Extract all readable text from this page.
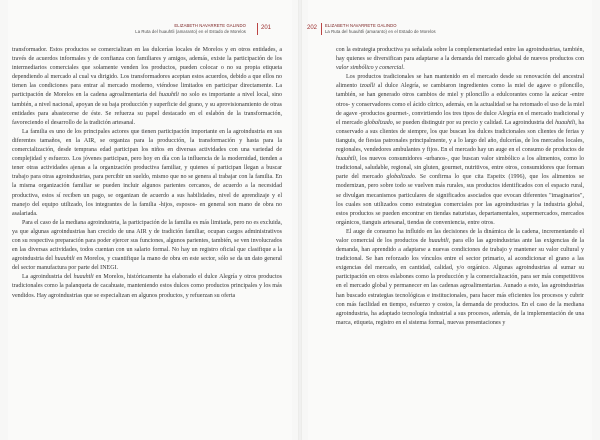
ELIZABETH NAVARRETE GALINDO
La Ruta del huauhtli (amaranto) en el Estado de Morelos
201

transformador. Estos productos se comercializan en las dulcerías locales de Morelos y en otros entidades, a través de acuerdos informales y de confianza con familiares y amigos, además, existe la participación de los intermediarios comerciales que solamente venden los productos, pueden colocar o no su propia etiqueta dependiendo al mercado al cual va dirigido. Los transformadores aceptan estos acuerdos, debido a que ellos no tienen las condiciones para entrar al mercado moderno, viéndose limitados en participar directamente. La participación de Morelos en la cadena agroalimentaria del huauhtli no solo es importante a nivel local, sino también, a nivel nacional, apoyan de su baja producción y superficie del grano, y su aprovisionamiento de otras entidades para abastecerse de éste. Se refuerza su papel destacado en el eslabón de la transformación, favoreciendo el desarrollo de la tradición artesanal.

La familia es uno de los principales actores que tienen participación importante en la agroindustria en sus diferentes tamaños, en la AIR, se organiza para la producción, la transformación y hasta para la comercialización, desde temprana edad participan los niños en diversas actividades con una variedad de complejidad y esfuerzo. Los jóvenes participan, pero hoy en día con la influencia de la modernidad, tienden a tener otras actividades ajenas a la organización productiva familiar, y quienes sí participan llegan a buscar trabajo para otras agroindustrias, para percibir un sueldo, mismo que no se genera al trabajar con la familia. En la misma organización familiar se pueden incluir algunos parientes cercanos, de acuerdo a la necesidad productiva, estos sí reciben un pago, se organizan de acuerdo a sus habilidades, nivel de aprendizaje y el manejo del equipo utilizado, los integrantes de la familia -hijos, esposos- en general son mano de obra no asalariada.

Para el caso de la mediana agroindustria, la participación de la familia es más limitada, pero no es excluida, ya que algunas agroindustrias han crecido de una AIR y de tradición familiar, ocupan cargos administrativos con su respectiva preparación para poder ejercer sus funciones, algunos parientes, también, se ven involucrados en las diversas actividades, todos cuentan con un salario formal. No hay un registro oficial que clasifique a la agroindustria del huauhtli en Morelos, y cuantifique la mano de obra en este sector, sólo se da un dato general del sector manufactura por parte del INEGI.

La agroindustria del huauhtli en Morelos, históricamente ha elaborado el dulce Alegría y otros productos tradicionales como la palanqueta de cacahuate, manteniendo estos dulces como productos principales y los más vendidos. Hay agroindustrias que se especializan en algunos productos, y refuerzan su oferta

202 ELIZABETH NAVARRETE GALINDO
La Ruta del huauhtli (amaranto) en el Estado de Morelos

con la estrategia productiva ya señalada sobre la complementariedad entre las agroindustrias, también, hay quienes se diversifican para adaptarse a la demanda del mercado global de nuevos productos con valor simbólico y comercial.

Los productos tradicionales se han mantenido en el mercado desde su renovación del ancestral alimento tzoalli al dulce Alegría, se cambiaron ingredientes como la miel de agave o piloncillo, también, se han generado otros cambios de miel y piloncillo a edulcorantes como la azúcar -entre otros- y conservadores como el ácido cítrico, además, en la actualidad se ha retomado el uso de la miel de agave -productos gourmet-, convirtiendo los tres tipos de dulce Alegría en el mercado tradicional y el mercado globalizado, se pueden distinguir por su precio y calidad. La agroindustria del huauhtli, ha conservado a sus clientes de siempre, los que buscan los dulces tradicionales son clientes de ferias y tianguis, de fiestas patronales principalmente, y a lo largo del año, dulcerías, de los mercados locales, regionales, vendedores ambulantes y fijos. En el mercado hay un auge en el consumo de productos de huauhtli, los nuevos consumidores -urbanos-, que buscan valor simbólico a los alimentos, como lo tradicional, saludable, regional, sin gluten, gourmet, nutritivos, entre otros, consumidores que forman parte del mercado globalizado. Se confirma lo que cita Espeitx (1996), que los alimentos se modernizan, pero sobre todo se vuelven más rurales, sus productos identificados con el espacio rural, se divulgan mecanismos particulares de significados asociados que evocan diferentes "imaginarios", los cuales son utilizados como estrategias comerciales por las agroindustrias y la industria global, estos productos se pueden encontrar en tiendas naturistas, departamentales, supermercados, mercados orgánicos, tianguis artesanal, tiendas de conveniencia, entre otros.

El auge de consumo ha influido en las decisiones de la dinámica de la cadena, incrementando el valor comercial de los productos de huauhtli, para ello las agroindustrias ante las exigencias de la demanda, han aprendido a adaptarse a nuevas condiciones de trabajo y mantener su valor cultural y tradicional. Se han reforzado los vínculos entre el sector primario, al acondicionar el grano a las exigencias del mercado, en cantidad, calidad, y/o orgánico. Algunas agroindustrias al sumar su participación en otros eslabones como la producción y la comercialización, para ser más competitivos en el mercado global y permanecer en las cadenas agroalimentarias. Aunado a esto, las agroindustrias han buscado estrategias tecnológicas e institucionales, para hacer más eficientes los procesos y cubrir con más facilidad en tiempo, esfuerzo y costos, la demanda de productos. En el caso de la mediana agroindustria, ha adaptado tecnología industrial a sus procesos, además, de la implementación de una marca, etiqueta, registro en el sistema formal, nuevas presentaciones y
